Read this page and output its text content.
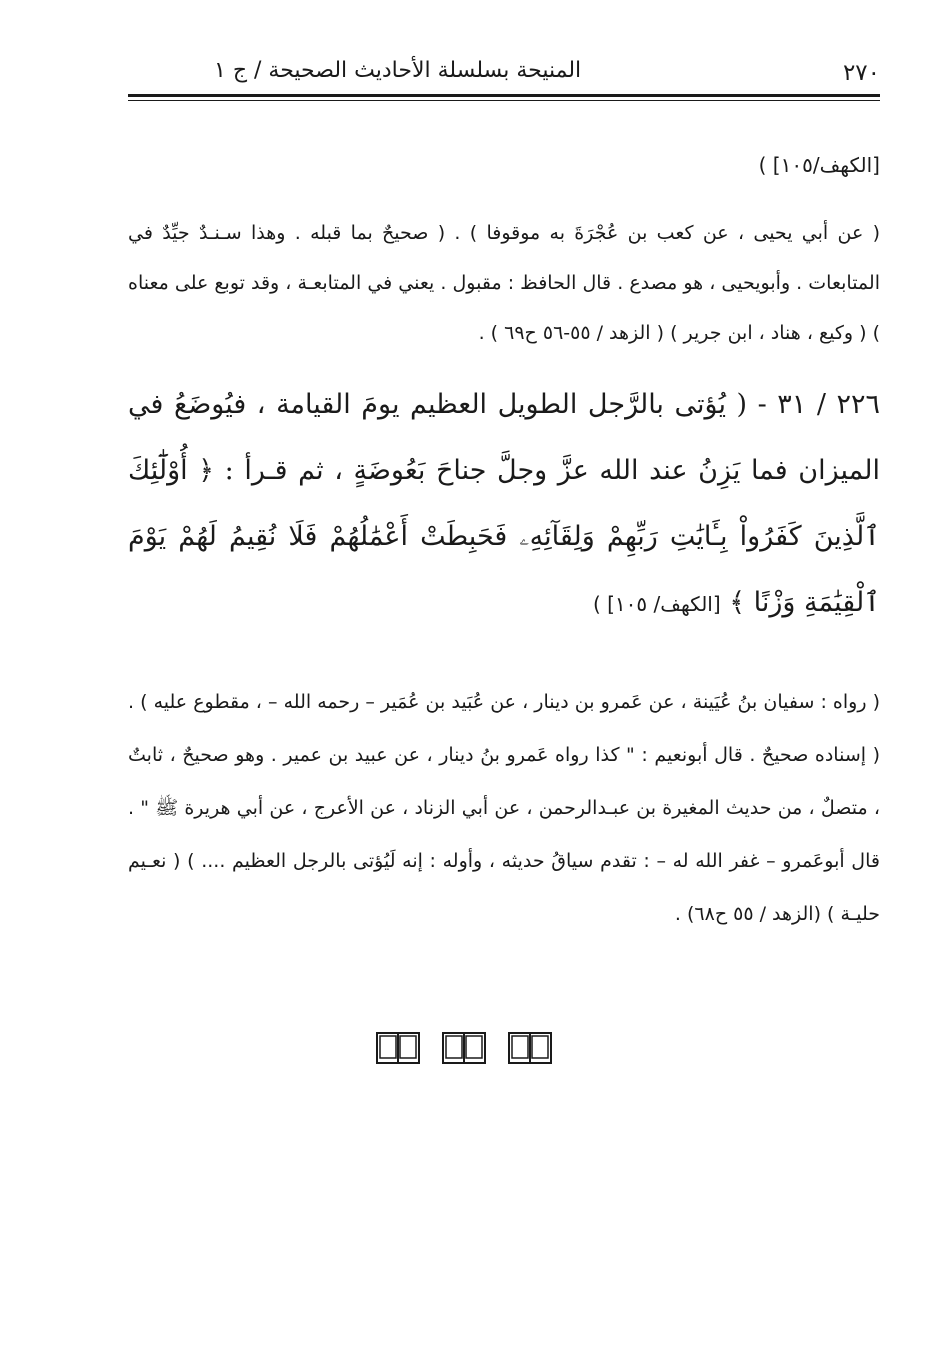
٢٧٠
المنيحة بسلسلة الأحاديث الصحيحة / ج ١
[الكهف/١٠٥] )
( عن أبي يحيى ، عن كعب بن عُجْرَةَ به موقوفا ) . ( صحيحٌ بما قبله . وهذا سـنـدٌ جيِّدٌ في المتابعات . وأبويحيى ، هو مصدع . قال الحافظ : مقبول . يعني في المتابعـة ، وقد توبع على معناه ) ( وكيع ، هناد ، ابن جرير ) ( الزهد / ٥٥-٥٦ ح٦٩ ) .
٢٢٦ / ٣١ - ( يُؤتى بالرَّجل الطويل العظيم يومَ القيامة ، فيُوضَعُ في الميزان فما يَزِنُ عند الله عزَّ وجلَّ جناحَ بَعُوضَةٍ ، ثم قـرأ : ﴿ أُوْلَٰٓئِكَ ٱلَّذِينَ كَفَرُواْ بِـَٔايَٰتِ رَبِّهِمْ وَلِقَآئِهِۦ فَحَبِطَتْ أَعْمَٰلُهُمْ فَلَا نُقِيمُ لَهُمْ يَوْمَ ٱلْقِيَٰمَةِ وَزْنًا ﴾ [الكهف/ ١٠٥] )
( رواه : سفيان بنُ عُيَينة ، عن عَمرو بن دينار ، عن عُبَيد بن عُمَير – رحمه الله – ، مقطوع عليه ) . ( إسناده صحيحٌ . قال أبونعيم : " كذا رواه عَمرو بنُ دينار ، عن عبيد بن عمير . وهو صحيحٌ ، ثابتٌ ، متصلٌ ، من حديث المغيرة بن عبـدالرحمن ، عن أبي الزناد ، عن الأعرج ، عن أبي هريرة ﷺ " . قال أبوعَمرو – غفر الله له – : تقدم سياقُ حديثه ، وأوله : إنه لَيُؤتى بالرجل العظيم .... ) ( نعـيم حليـة ) (الزهد / ٥٥ ح٦٨) .
